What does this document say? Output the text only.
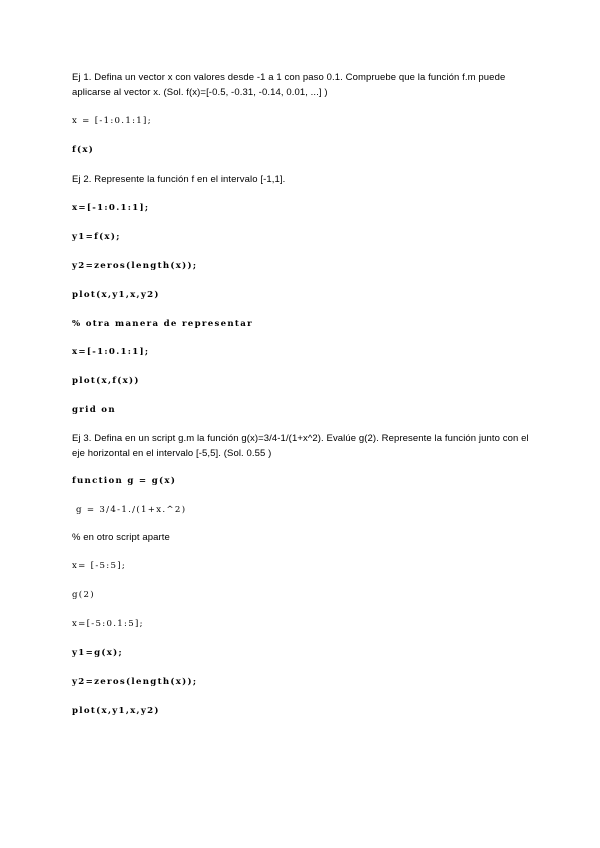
Ej 1. Defina un vector x con valores desde -1 a 1 con paso 0.1. Compruebe que la función f.m puede aplicarse al vector x. (Sol. f(x)=[-0.5, -0.31, -0.14, 0.01, ...] )
x = [-1:0.1:1];
f(x)
Ej 2. Represente la función f en el intervalo [-1,1].
x=[-1:0.1:1];
y1=f(x);
y2=zeros(length(x));
plot(x,y1,x,y2)
% otra manera de representar
x=[-1:0.1:1];
plot(x,f(x))
grid on
Ej 3. Defina en un script g.m la función g(x)=3/4-1/(1+x^2). Evalúe g(2). Represente la función junto con el eje horizontal en el intervalo [-5,5]. (Sol. 0.55 )
function g = g(x)
g = 3/4-1./(1+x.^2)
% en otro script aparte
x= [-5:5];
g(2)
x=[-5:0.1:5];
y1=g(x);
y2=zeros(length(x));
plot(x,y1,x,y2)
